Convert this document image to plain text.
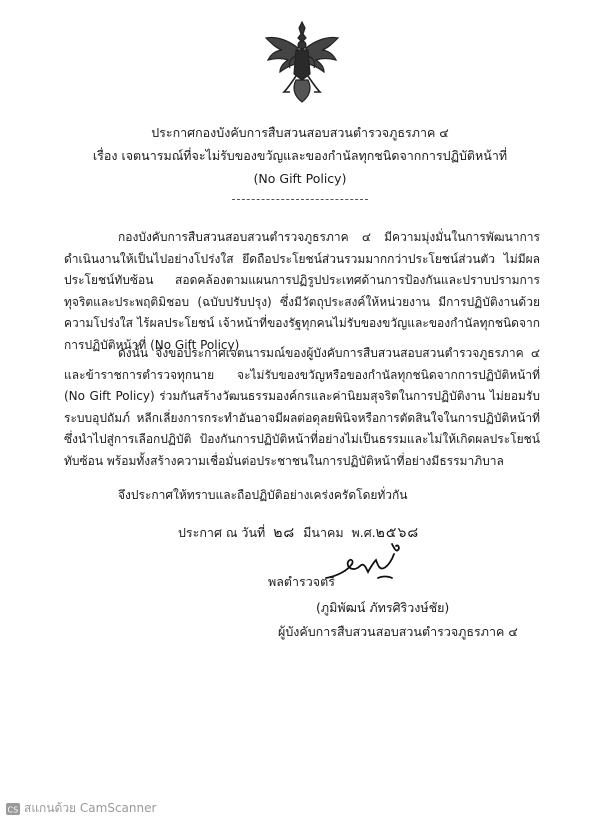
ประกาศกองบังคับการสืบสวนสอบสวนตำรวจภูธรภาค ๔
เรื่อง เจตนารมณ์ที่จะไม่รับของขวัญและของกำนัลทุกชนิดจากการปฏิบัติหน้าที่
(No Gift Policy)
กองบังคับการสืบสวนสอบสวนตำรวจภูธรภาค ๔ มีความมุ่งมั่นในการพัฒนาการดำเนินงานให้เป็นไปอย่างโปร่งใส ยึดถือประโยชน์ส่วนรวมมากกว่าประโยชน์ส่วนตัว ไม่มีผลประโยชน์ทับซ้อน สอดคล้องตามแผนการปฏิรูปประเทศด้านการป้องกันและปราบปรามการทุจริตและประพฤติมิชอบ (ฉบับปรับปรุง) ซึ่งมีวัตถุประสงค์ให้หน่วยงาน มีการปฏิบัติงานด้วยความโปร่งใส ไร้ผลประโยชน์ เจ้าหน้าที่ของรัฐทุกคนไม่รับของขวัญและของกำนัลทุกชนิดจากการปฏิบัติหน้าที่ (No Gift Policy)
ดังนั้น จึงขอประกาศเจตนารมณ์ของผู้บังคับการสืบสวนสอบสวนตำรวจภูธรภาค ๔ และข้าราชการตำรวจทุกนาย จะไม่รับของขวัญหรือของกำนัลทุกชนิดจากการปฏิบัติหน้าที่ (No Gift Policy) ร่วมกันสร้างวัฒนธรรมองค์กรและค่านิยมสุจริตในการปฏิบัติงาน ไม่ยอมรับระบบอุปถัมภ์ หลีกเลี่ยงการกระทำอันอาจมีผลต่อดุลยพินิจหรือการตัดสินใจในการปฏิบัติหน้าที่ซึ่งนำไปสู่การเลือกปฏิบัติ ป้องกันการปฏิบัติหน้าที่อย่างไม่เป็นธรรมและไม่ให้เกิดผลประโยชน์ทับซ้อน พร้อมทั้งสร้างความเชื่อมั่นต่อประชาชนในการปฏิบัติหน้าที่อย่างมีธรรมาภิบาล
จึงประกาศให้ทราบและถือปฏิบัติอย่างเคร่งครัดโดยทั่วกัน
ประกาศ ณ วันที่ ๒๘ มีนาคม พ.ศ.๒๕๖๘
พลตำรวจตรี
(ภูมิพัฒน์ ภัทรศิริวงษ์ชัย)
ผู้บังคับการสืบสวนสอบสวนตำรวจภูธรภาค ๔
CS สแกนด้วย CamScanner
